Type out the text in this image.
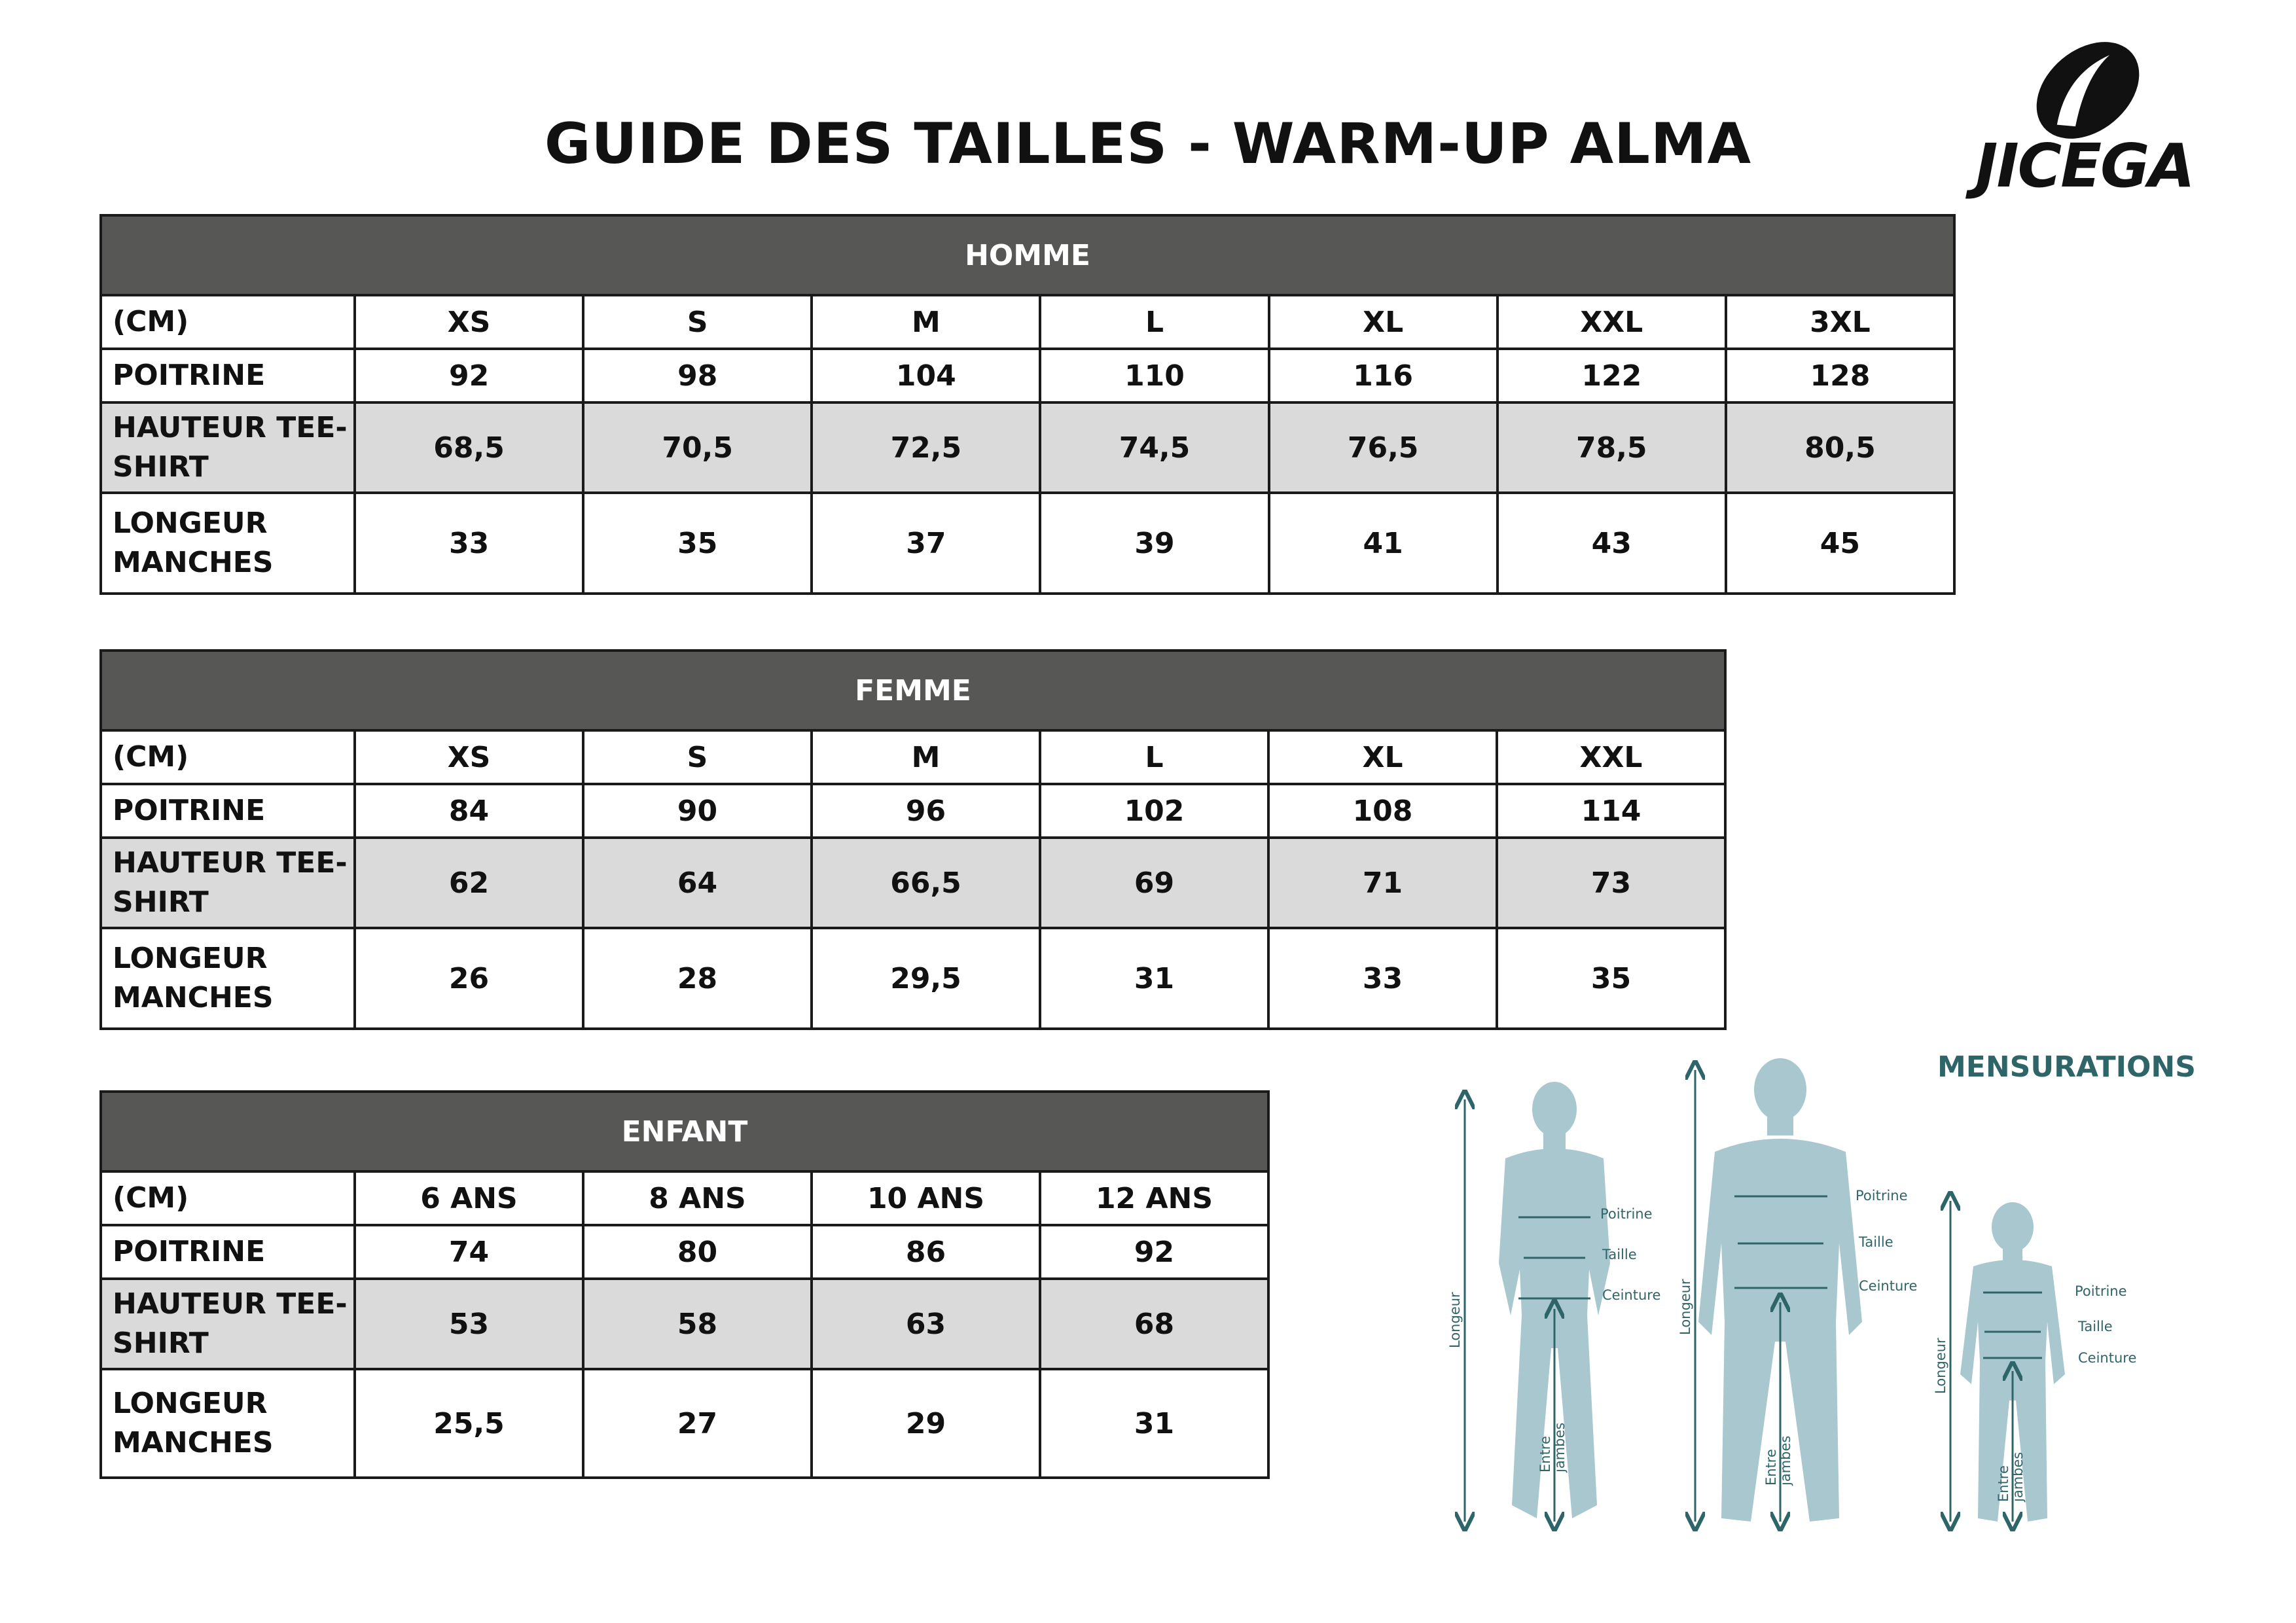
GUIDE DES TAILLES - WARM-UP ALMA	JICEGA
HOMME							
(CM)	XS	S	M	L	XL	XXL	3XL
POITRINE	92	98	104	110	116	122	128
HAUTEUR TEE-
SHIRT	68,5	70,5	72,5	74,5	76,5	78,5	80,5
LONGEUR
MANCHES	33	35	37	39	41	43	45
FEMME						
(CM)	XS	S	M	L	XL	XXL
POITRINE	84	90	96	102	108	114
HAUTEUR TEE-
SHIRT	62	64	66,5	69	71	73
LONGEUR
MANCHES	26	28	29,5	31	33	35
ENFANT				
(CM)	6 ANS	8 ANS	10 ANS	12 ANS
POITRINE	74	80	86	92
HAUTEUR TEE-
SHIRT	53	58	63	68
LONGEUR
MANCHES	25,5	27	29	31
MENSURATIONS
Poitrine
Taille
Ceinture
Longeur
Entre
jambes
Poitrine
Taille
Ceinture
Longeur
Entre
jambes
Poitrine
Taille
Ceinture
Longeur
Entre
jambes
